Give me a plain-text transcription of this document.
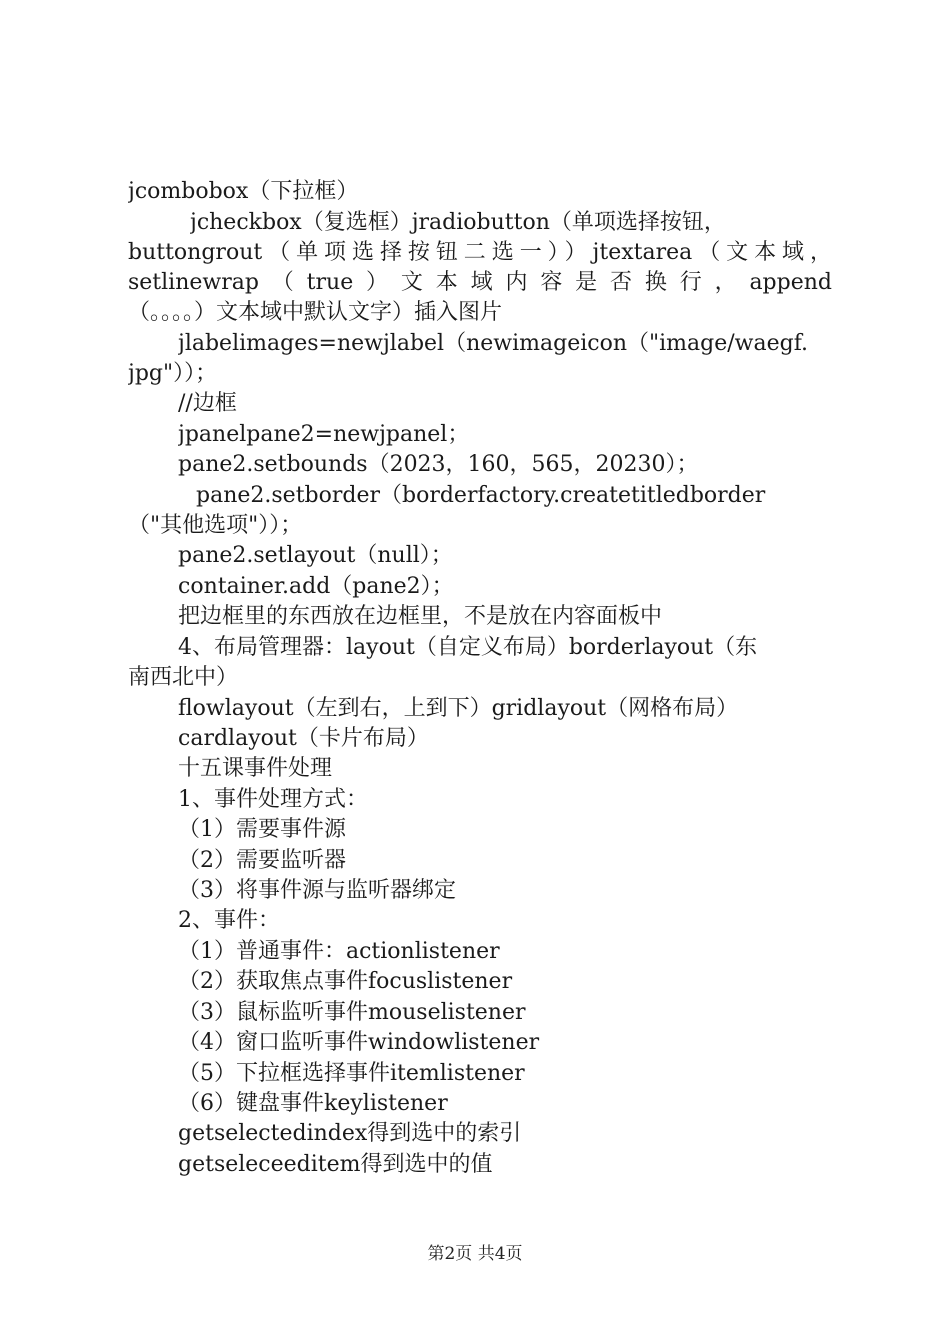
jcombobox（下拉框）
jcheckbox（复选框）jradiobutton（单项选择按钮，
buttongrout（单项选择按钮二选一））jtextarea（文本域，
setlinewrap（true）文本域内容是否换行，append
（。。。。）文本域中默认文字）插入图片
jlabelimages=newjlabel（newimageicon（"image/waegf.
jpg"））；
//边框
jpanelpane2=newjpanel；
pane2.setbounds（2023，160，565，20230）；
pane2.setborder（borderfactory.createtitledborder
（"其他选项"））；
pane2.setlayout（null）；
container.add（pane2）；
把边框里的东西放在边框里，不是放在内容面板中
4、布局管理器：layout（自定义布局）borderlayout（东
南西北中）
flowlayout（左到右，上到下）gridlayout（网格布局）
cardlayout（卡片布局）
十五课事件处理
1、事件处理方式：
（1）需要事件源
（2）需要监听器
（3）将事件源与监听器绑定
2、事件：
（1）普通事件：actionlistener
（2）获取焦点事件focuslistener
（3）鼠标监听事件mouselistener
（4）窗口监听事件windowlistener
（5）下拉框选择事件itemlistener
（6）键盘事件keylistener
getselectedindex得到选中的索引
getseleceeditem得到选中的值
第2页 共4页
